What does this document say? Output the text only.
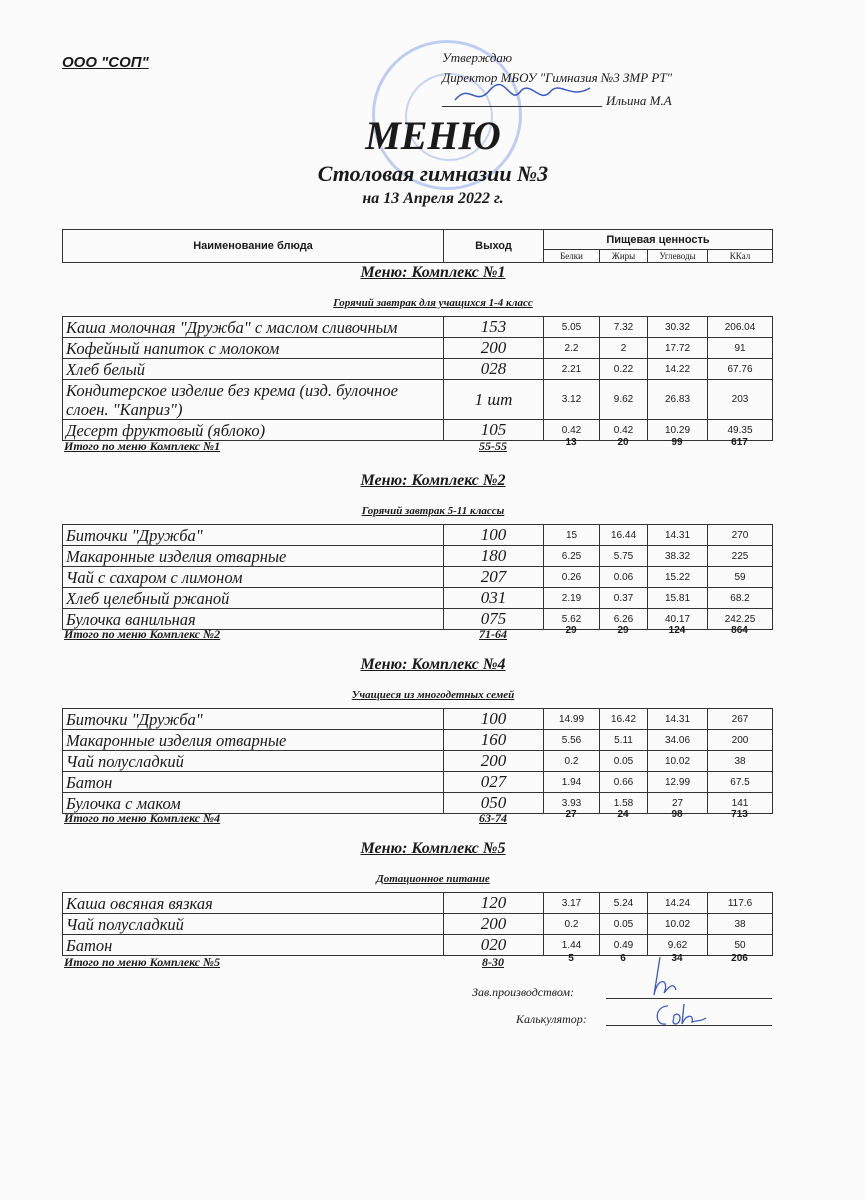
ООО "СОП"	Утверждаю
Директор МБОУ "Гимназия №3 ЗМР РТ"
Ильина М.А
МЕНЮ
Столовая гимназии №3
на 13 Апреля 2022 г.
Наименование блюда	Выход	Пищевая ценность			
		Белки	Жиры	Углеводы	ККал
Меню: Комплекс №1
Горячий завтрак для учащихся 1-4 класс
Каша молочная "Дружба" с маслом сливочным	153	5.05	7.32	30.32	206.04
Кофейный напиток с молоком	200	2.2	2	17.72	91
Хлеб белый	028	2.21	0.22	14.22	67.76
Кондитерское изделие без крема (изд. булочное слоен. "Каприз")	1 шт	3.12	9.62	26.83	203
Десерт фруктовый (яблоко)	105	0.42	0.42	10.29	49.35
Итого по меню Комплекс №1	55-55	13	20	99	617
Меню: Комплекс №2
Горячий завтрак 5-11 классы
Биточки "Дружба"	100	15	16.44	14.31	270
Макаронные изделия отварные	180	6.25	5.75	38.32	225
Чай с сахаром с лимоном	207	0.26	0.06	15.22	59
Хлеб целебный ржаной	031	2.19	0.37	15.81	68.2
Булочка ванильная	075	5.62	6.26	40.17	242.25
Итого по меню Комплекс №2	71-64	29	29	124	864
Меню: Комплекс №4
Учащиеся из многодетных семей
Биточки "Дружба"	100	14.99	16.42	14.31	267
Макаронные изделия отварные	160	5.56	5.11	34.06	200
Чай полусладкий	200	0.2	0.05	10.02	38
Батон	027	1.94	0.66	12.99	67.5
Булочка с маком	050	3.93	1.58	27	141
Итого по меню Комплекс №4	63-74	27	24	98	713
Меню: Комплекс №5
Дотационное питание
Каша овсяная вязкая	120	3.17	5.24	14.24	117.6
Чай полусладкий	200	0.2	0.05	10.02	38
Батон	020	1.44	0.49	9.62	50
Итого по меню Комплекс №5	8-30	5	6	34	206
Зав.производством:
Калькулятор:
